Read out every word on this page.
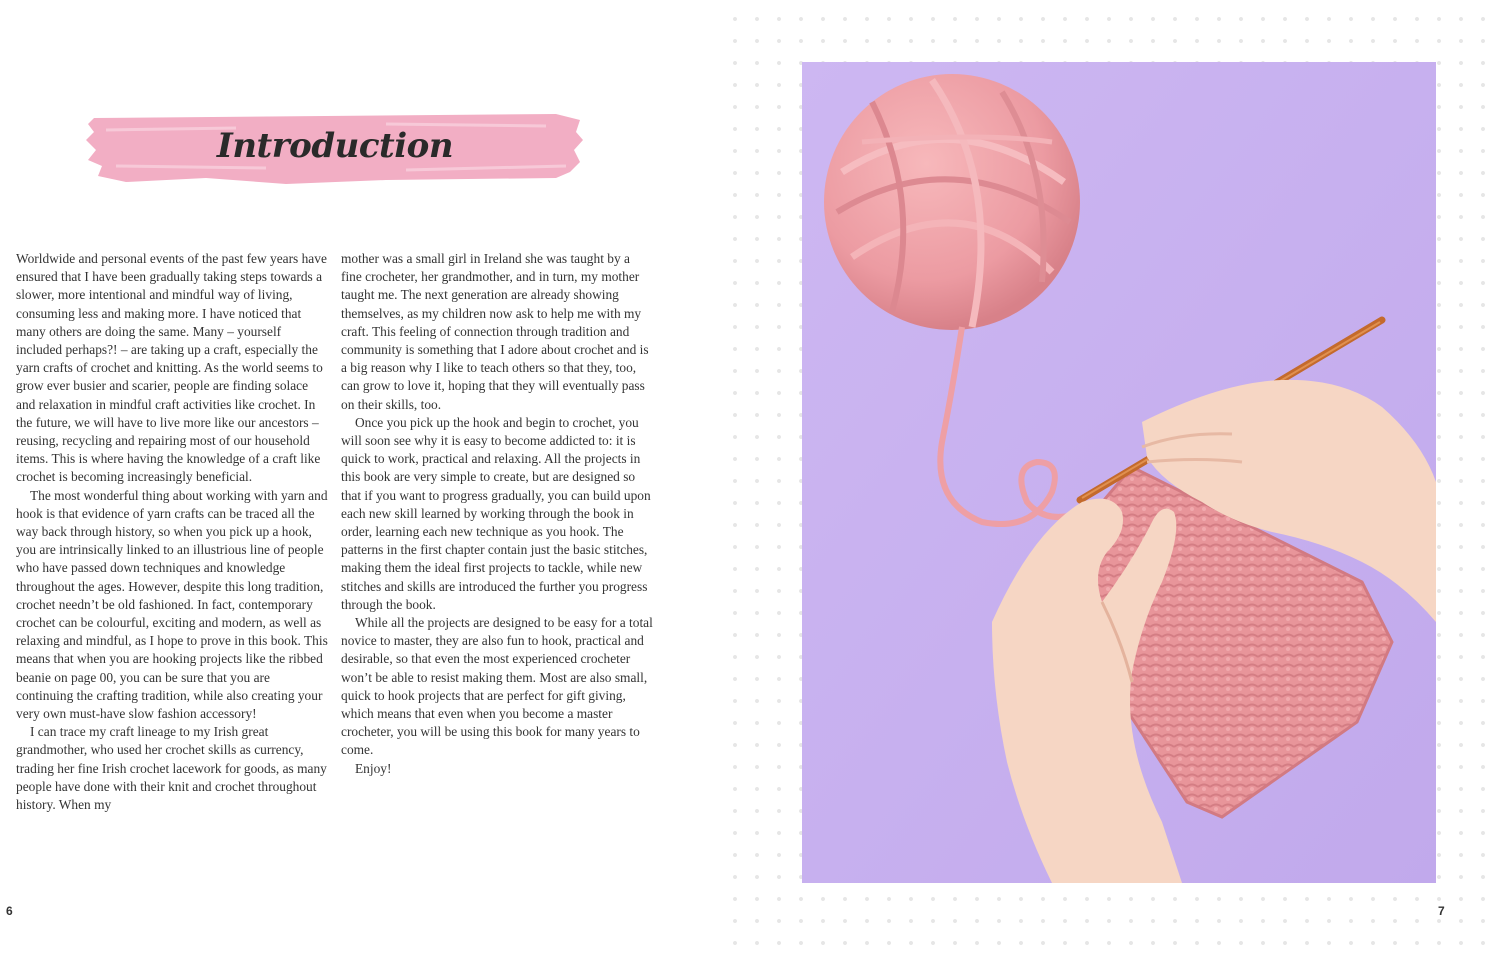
Introduction

Worldwide and personal events of the past few years have ensured that I have been gradually taking steps towards a slower, more intentional and mindful way of living, consuming less and making more. I have noticed that many others are doing the same. Many – yourself included perhaps?! – are taking up a craft, especially the yarn crafts of crochet and knitting. As the world seems to grow ever busier and scarier, people are finding solace and relaxation in mindful craft activities like crochet. In the future, we will have to live more like our ancestors – reusing, recycling and repairing most of our household items. This is where having the knowledge of a craft like crochet is becoming increasingly beneficial.

The most wonderful thing about working with yarn and hook is that evidence of yarn crafts can be traced all the way back through history, so when you pick up a hook, you are intrinsically linked to an illustrious line of people who have passed down techniques and knowledge throughout the ages. However, despite this long tradition, crochet needn’t be old fashioned. In fact, contemporary crochet can be colourful, exciting and modern, as well as relaxing and mindful, as I hope to prove in this book. This means that when you are hooking projects like the ribbed beanie on page 00, you can be sure that you are continuing the crafting tradition, while also creating your very own must-have slow fashion accessory!

I can trace my craft lineage to my Irish great grandmother, who used her crochet skills as currency, trading her fine Irish crochet lacework for goods, as many people have done with their knit and crochet throughout history. When my

mother was a small girl in Ireland she was taught by a fine crocheter, her grandmother, and in turn, my mother taught me. The next generation are already showing themselves, as my children now ask to help me with my craft. This feeling of connection through tradition and community is something that I adore about crochet and is a big reason why I like to teach others so that they, too, can grow to love it, hoping that they will eventually pass on their skills, too.

Once you pick up the hook and begin to crochet, you will soon see why it is easy to become addicted to: it is quick to work, practical and relaxing. All the projects in this book are very simple to create, but are designed so that if you want to progress gradually, you can build upon each new skill learned by working through the book in order, learning each new technique as you hook. The patterns in the first chapter contain just the basic stitches, making them the ideal first projects to tackle, while new stitches and skills are introduced the further you progress through the book.

While all the projects are designed to be easy for a total novice to master, they are also fun to hook, practical and desirable, so that even the most experienced crocheter won’t be able to resist making them. Most are also small, quick to hook projects that are perfect for gift giving, which means that even when you become a master crocheter, you will be using this book for many years to come.

Enjoy!

6	7
